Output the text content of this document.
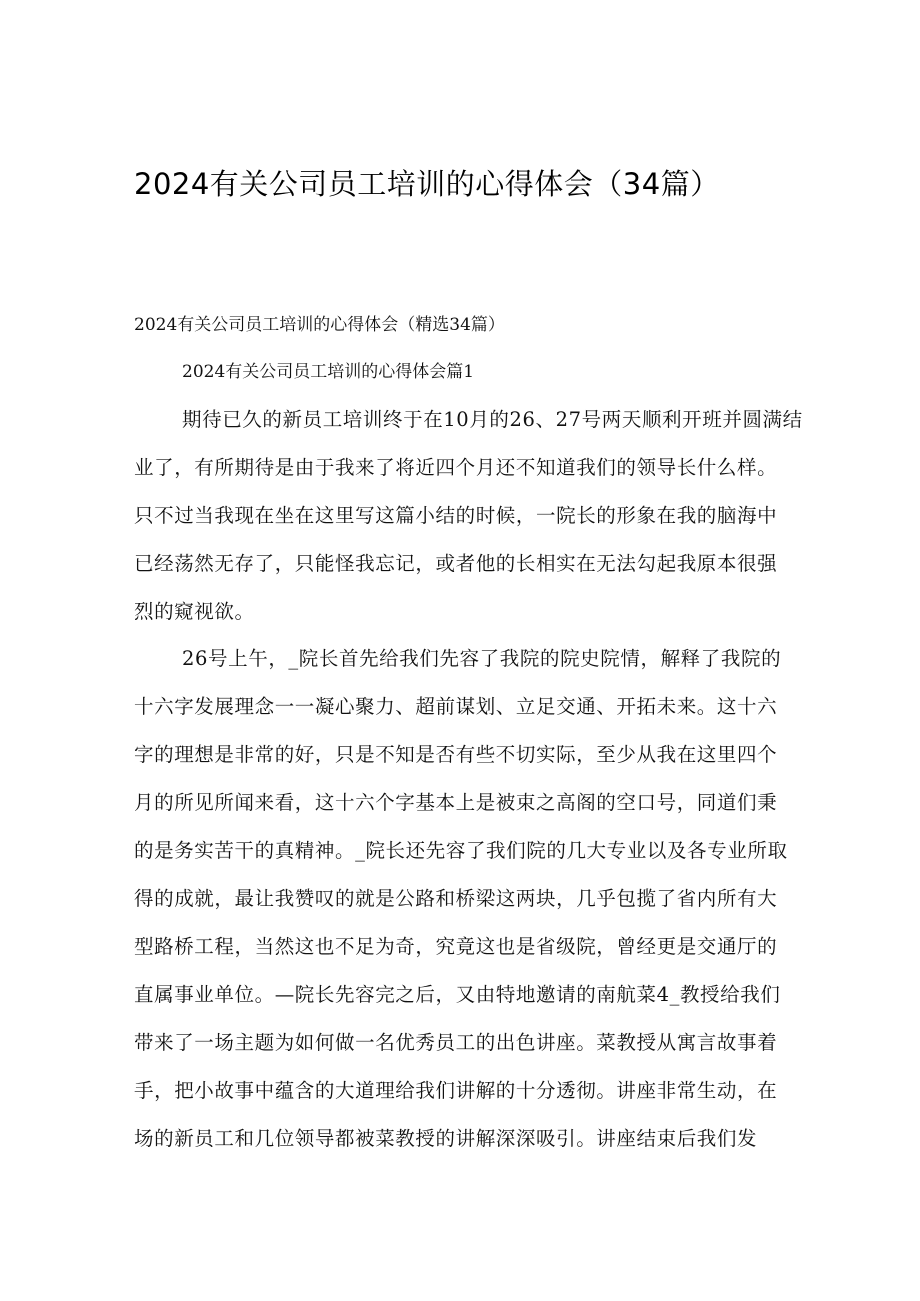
2024有关公司员工培训的心得体会（34篇）
2024有关公司员工培训的心得体会（精选34篇）
2024有关公司员工培训的心得体会篇1
期待已久的新员工培训终于在10月的26、27号两天顺利开班并圆满结
业了，有所期待是由于我来了将近四个月还不知道我们的领导长什么样。
只不过当我现在坐在这里写这篇小结的时候，一院长的形象在我的脑海中
已经荡然无存了，只能怪我忘记，或者他的长相实在无法勾起我原本很强
烈的窥视欲。
26号上午，_院长首先给我们先容了我院的院史院情，解释了我院的
十六字发展理念一一凝心聚力、超前谋划、立足交通、开拓未来。这十六
字的理想是非常的好，只是不知是否有些不切实际，至少从我在这里四个
月的所见所闻来看，这十六个字基本上是被束之高阁的空口号，同道们秉
的是务实苦干的真精神。_院长还先容了我们院的几大专业以及各专业所取
得的成就，最让我赞叹的就是公路和桥梁这两块，几乎包揽了省内所有大
型路桥工程，当然这也不足为奇，究竟这也是省级院，曾经更是交通厅的
直属事业单位。—院长先容完之后，又由特地邀请的南航菜4_教授给我们
带来了一场主题为如何做一名优秀员工的出色讲座。菜教授从寓言故事着
手，把小故事中蕴含的大道理给我们讲解的十分透彻。讲座非常生动，在
场的新员工和几位领导都被菜教授的讲解深深吸引。讲座结束后我们发
